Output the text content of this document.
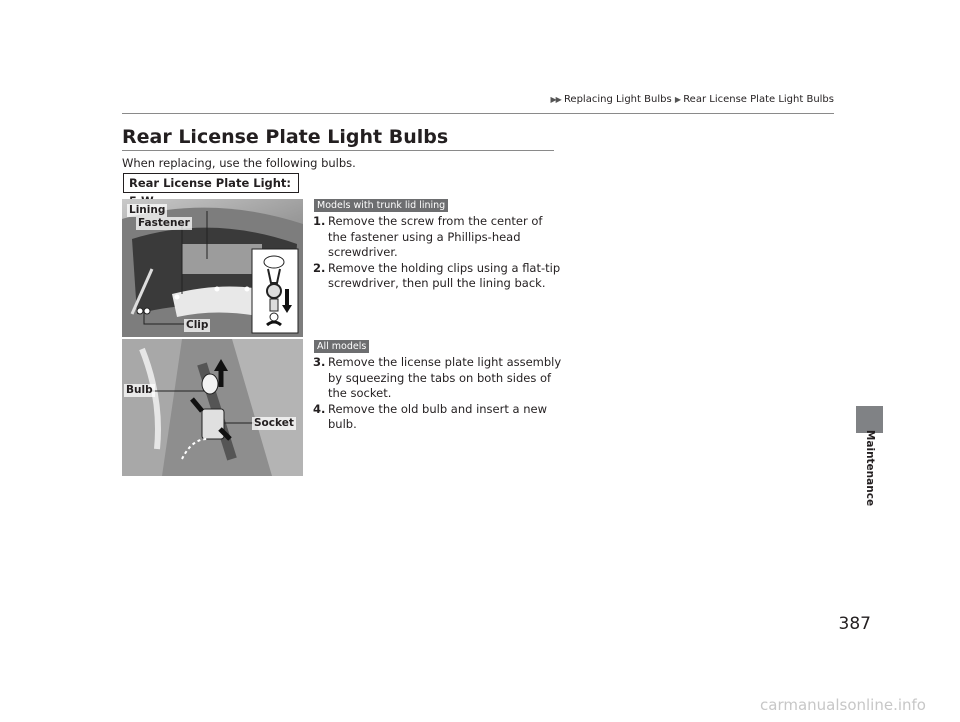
▶▶ Replacing Light Bulbs ▶ Rear License Plate Light Bulbs
Rear License Plate Light Bulbs
When replacing, use the following bulbs.
Rear License Plate Light:
Lining
Fastener
Clip
Models with trunk lid lining
1. Remove the screw from the center of the fastener using a Phillips-head screwdriver.
2. Remove the holding clips using a flat-tip screwdriver, then pull the lining back.
Bulb
Socket
All models
3. Remove the license plate light assembly by squeezing the tabs on both sides of the socket.
4. Remove the old bulb and insert a new bulb.
Maintenance
387
carmanualsonline.info
